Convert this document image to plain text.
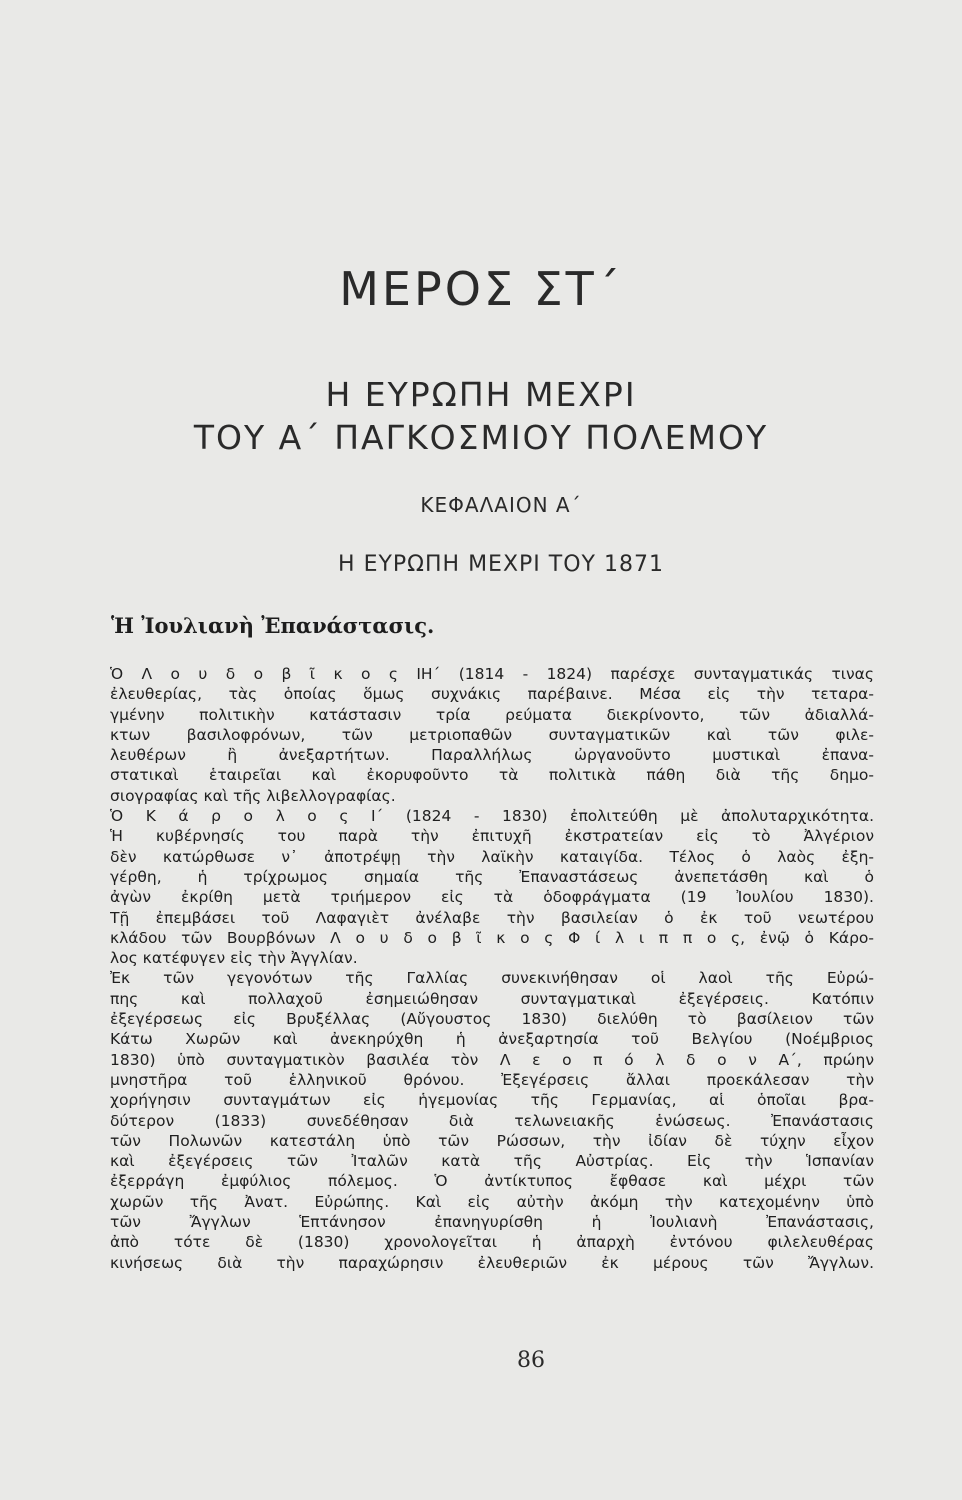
ΜΕΡΟΣ ΣΤ΄
Η ΕΥΡΩΠΗ ΜΕΧΡΙ
ΤΟΥ Α΄ ΠΑΓΚΟΣΜΙΟΥ ΠΟΛΕΜΟΥ
ΚΕΦΑΛΑΙΟΝ Α΄
Η ΕΥΡΩΠΗ ΜΕΧΡΙ ΤΟΥ 1871
Ἡ Ἰουλιανὴ Ἐπανάστασις.
Ὁ Λ ο υ δ ο β ῖ κ ο ς ΙΗ΄ (1814 - 1824) παρέσχε συνταγματικάς τινας
ἐλευθερίας, τὰς ὁποίας ὅμως συχνάκις παρέβαινε. Μέσα εἰς τὴν τεταρα-
γμένην πολιτικὴν κατάστασιν τρία ρεύματα διεκρίνοντο, τῶν ἀδιαλλά-
κτων βασιλοφρόνων, τῶν μετριοπαθῶν συνταγματικῶν καὶ τῶν φιλε-
λευθέρων ἢ ἀνεξαρτήτων. Παραλλήλως ὠργανοῦντο μυστικαὶ ἐπανα-
στατικαὶ ἑταιρεῖαι καὶ ἐκορυφοῦντο τὰ πολιτικὰ πάθη διὰ τῆς δημο-
σιογραφίας καὶ τῆς λιβελλογραφίας.
Ὁ Κ ά ρ ο λ ο ς Ι΄ (1824 - 1830) ἐπολιτεύθη μὲ ἀπολυταρχικότητα.
Ἡ κυβέρνησίς του παρὰ τὴν ἐπιτυχῆ ἐκστρατείαν εἰς τὸ Ἀλγέριον
δὲν κατώρθωσε ν᾿ ἀποτρέψῃ τὴν λαϊκὴν καταιγίδα. Τέλος ὁ λαὸς ἐξη-
γέρθη, ἡ τρίχρωμος σημαία τῆς Ἐπαναστάσεως ἀνεπετάσθη καὶ ὁ
ἀγὼν ἐκρίθη μετὰ τριήμερον εἰς τὰ ὁδοφράγματα (19 Ἰουλίου 1830).
Τῇ ἐπεμβάσει τοῦ Λαφαγιὲτ ἀνέλαβε τὴν βασιλείαν ὁ ἐκ τοῦ νεωτέρου
κλάδου τῶν Βουρβόνων Λ ο υ δ ο β ῖ κ ο ς Φ ί λ ι π π ο ς, ἐνῷ ὁ Κάρο-
λος κατέφυγεν εἰς τὴν Ἀγγλίαν.
Ἐκ τῶν γεγονότων τῆς Γαλλίας συνεκινήθησαν οἱ λαοὶ τῆς Εὐρώ-
πης καὶ πολλαχοῦ ἐσημειώθησαν συνταγματικαὶ ἐξεγέρσεις. Κατόπιν
ἐξεγέρσεως εἰς Βρυξέλλας (Αὔγουστος 1830) διελύθη τὸ βασίλειον τῶν
Κάτω Χωρῶν καὶ ἀνεκηρύχθη ἡ ἀνεξαρτησία τοῦ Βελγίου (Νοέμβριος
1830) ὑπὸ συνταγματικὸν βασιλέα τὸν Λ ε ο π ό λ δ ο ν Α΄, πρώην
μνηστῆρα τοῦ ἑλληνικοῦ θρόνου. Ἐξεγέρσεις ἄλλαι προεκάλεσαν τὴν
χορήγησιν συνταγμάτων εἰς ἡγεμονίας τῆς Γερμανίας, αἱ ὁποῖαι βρα-
δύτερον (1833) συνεδέθησαν διὰ τελωνειακῆς ἑνώσεως. Ἐπανάστασις
τῶν Πολωνῶν κατεστάλη ὑπὸ τῶν Ρώσσων, τὴν ἰδίαν δὲ τύχην εἶχον
καὶ ἐξεγέρσεις τῶν Ἰταλῶν κατὰ τῆς Αὐστρίας. Εἰς τὴν Ἱσπανίαν
ἐξερράγη ἐμφύλιος πόλεμος. Ὁ ἀντίκτυπος ἔφθασε καὶ μέχρι τῶν
χωρῶν τῆς Ἀνατ. Εὐρώπης. Καὶ εἰς αὐτὴν ἀκόμη τὴν κατεχομένην ὑπὸ
τῶν Ἄγγλων Ἑπτάνησον ἐπανηγυρίσθη ἡ Ἰουλιανὴ Ἐπανάστασις,
ἀπὸ τότε δὲ (1830) χρονολογεῖται ἡ ἀπαρχὴ ἐντόνου φιλελευθέρας
κινήσεως διὰ τὴν παραχώρησιν ἐλευθεριῶν ἐκ μέρους τῶν Ἄγγλων.
86
